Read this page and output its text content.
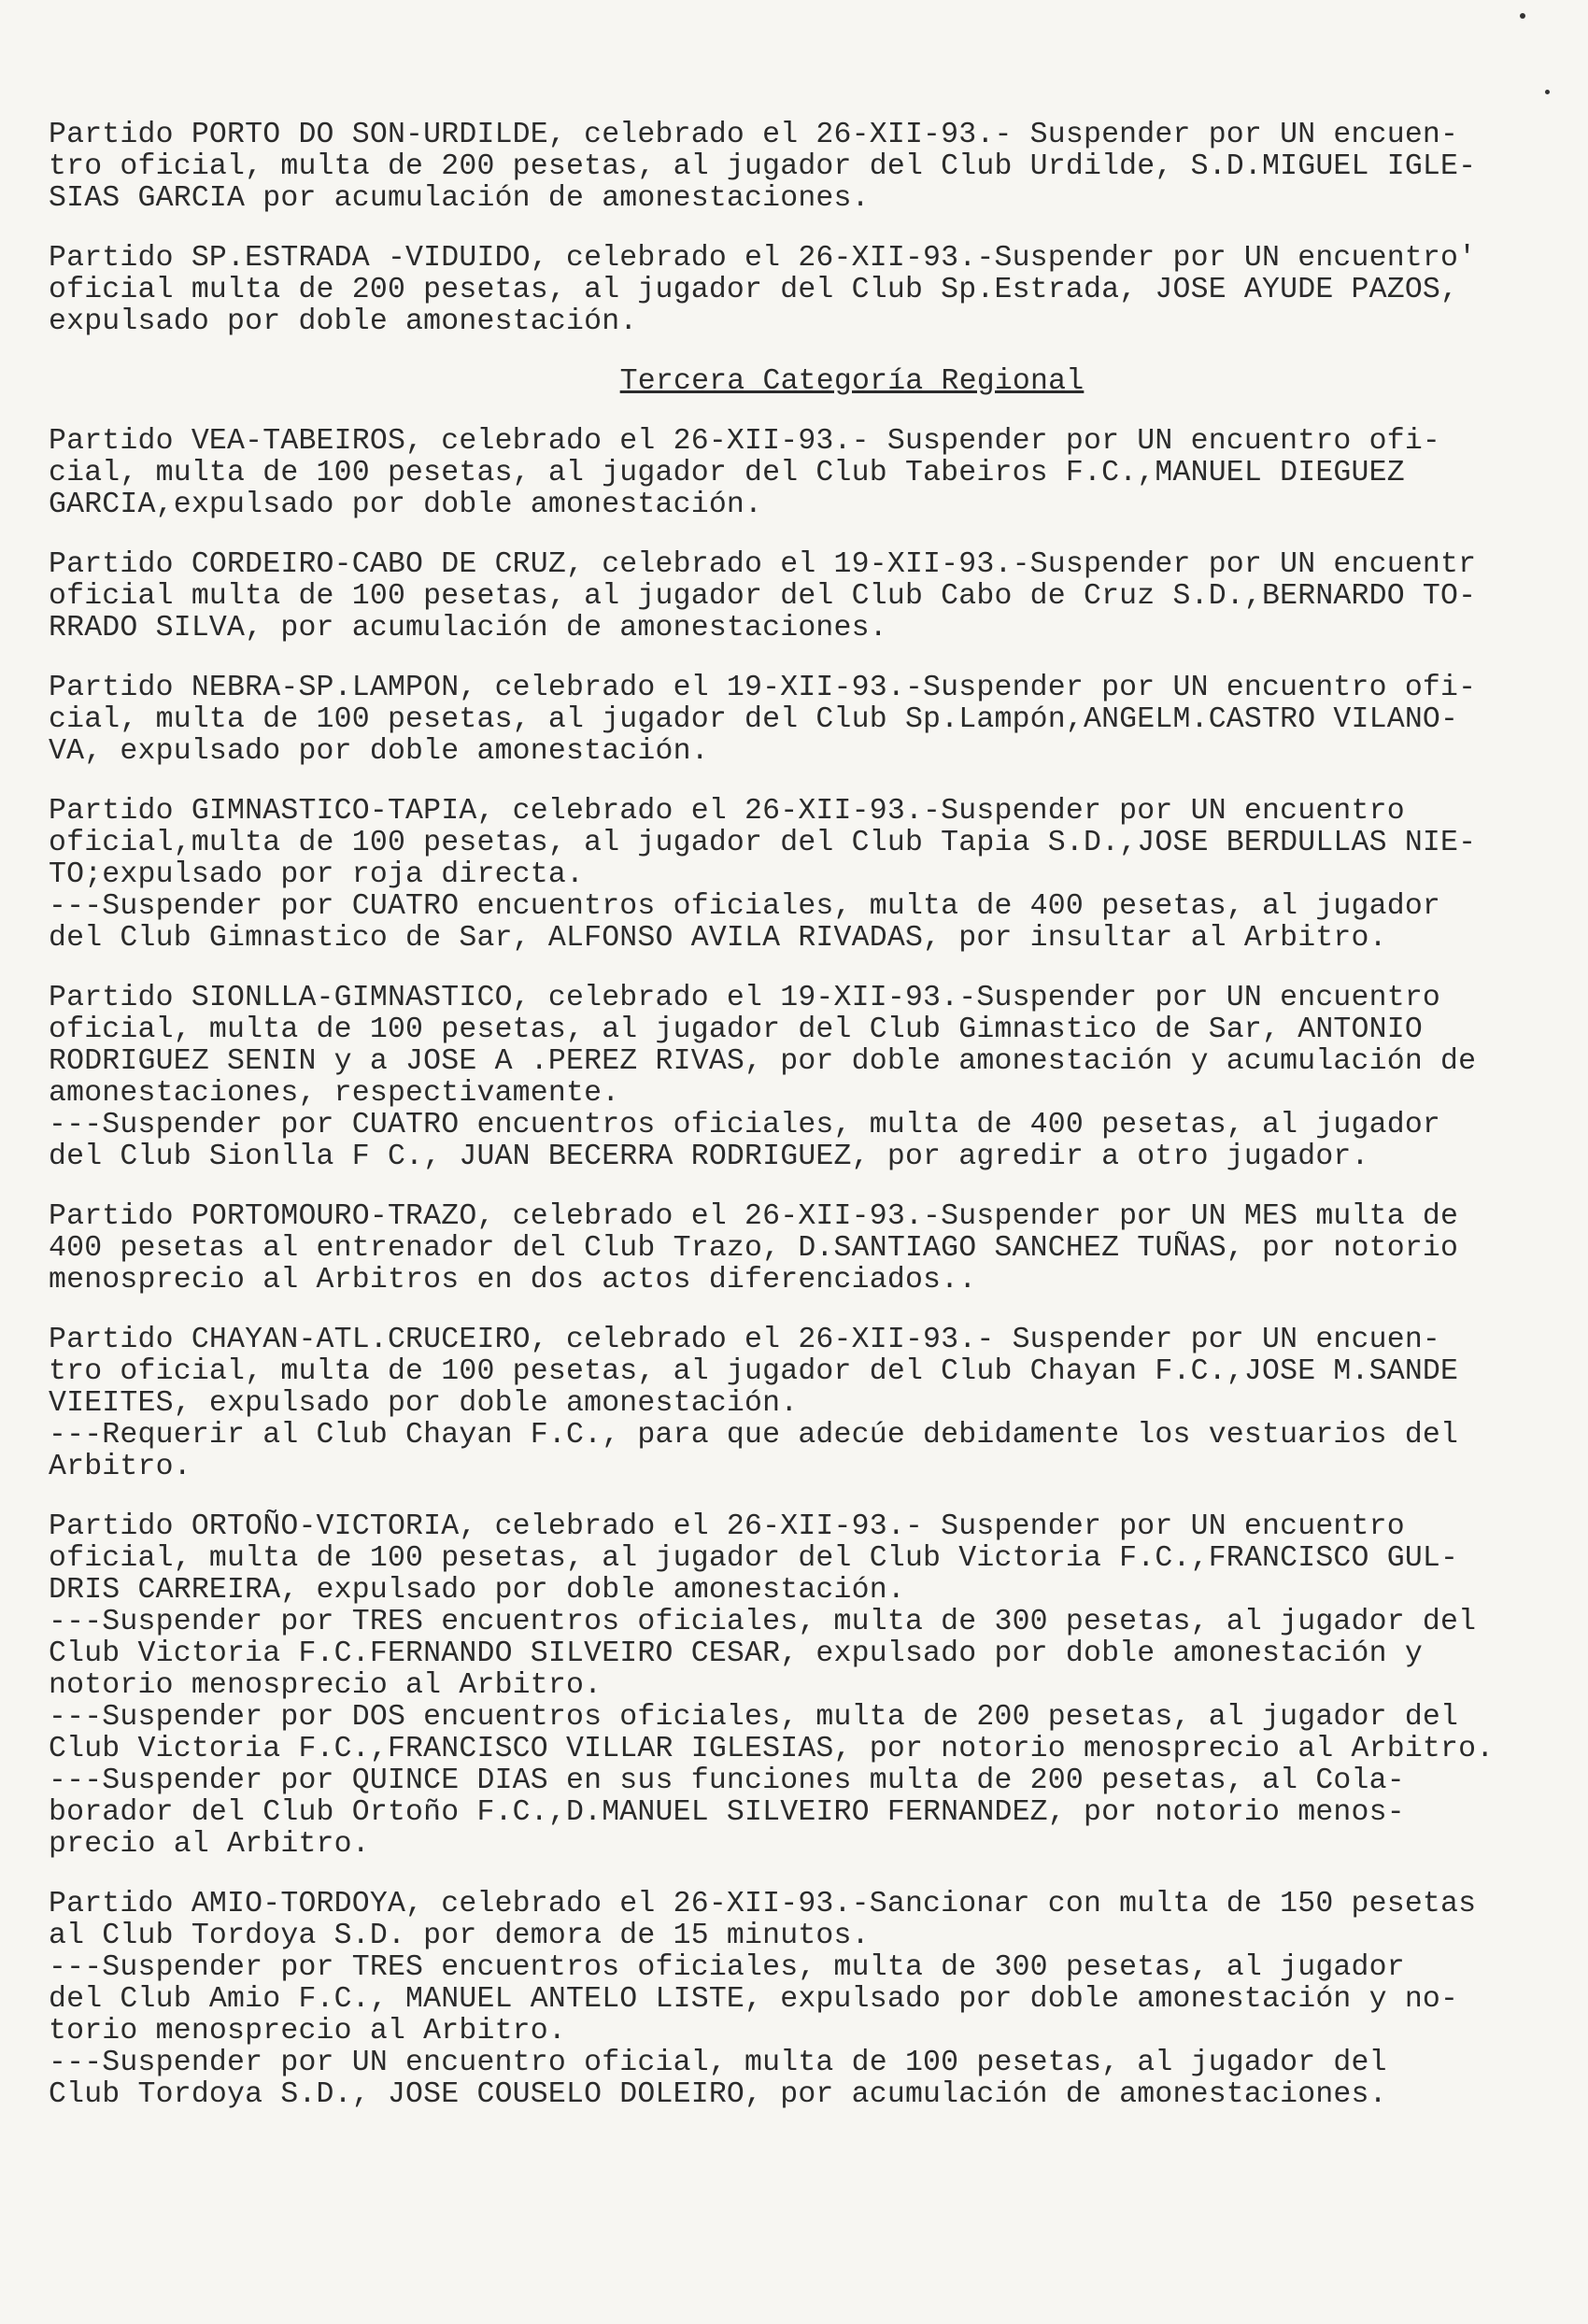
Partido PORTO DO SON-URDILDE, celebrado el 26-XII-93.- Suspender por UN encuen-
tro oficial, multa de 200 pesetas, al jugador del Club Urdilde, S.D.MIGUEL IGLE-
SIAS GARCIA por acumulación de amonestaciones.

Partido SP.ESTRADA -VIDUIDO, celebrado el 26-XII-93.-Suspender por UN encuentro'
oficial multa de 200 pesetas, al jugador del Club Sp.Estrada, JOSE AYUDE PAZOS,
expulsado por doble amonestación.

Tercera Categoría Regional

Partido VEA-TABEIROS, celebrado el 26-XII-93.- Suspender por UN encuentro ofi-
cial, multa de 100 pesetas, al jugador del Club Tabeiros F.C.,MANUEL DIEGUEZ
GARCIA,expulsado por doble amonestación.

Partido CORDEIRO-CABO DE CRUZ, celebrado el 19-XII-93.-Suspender por UN encuentr
oficial multa de 100 pesetas, al jugador del Club Cabo de Cruz S.D.,BERNARDO TO-
RRADO SILVA, por acumulación de amonestaciones.

Partido NEBRA-SP.LAMPON, celebrado el 19-XII-93.-Suspender por UN encuentro ofi-
cial, multa de 100 pesetas, al jugador del Club Sp.Lampón,ANGELM.CASTRO VILANO-
VA, expulsado por doble amonestación.

Partido GIMNASTICO-TAPIA, celebrado el 26-XII-93.-Suspender por UN encuentro
oficial,multa de 100 pesetas, al jugador del Club Tapia S.D.,JOSE BERDULLAS NIE-
TO;expulsado por roja directa.

---Suspender por CUATRO encuentros oficiales, multa de 400 pesetas, al jugador
del Club Gimnastico de Sar, ALFONSO AVILA RIVADAS, por insultar al Arbitro.

Partido SIONLLA-GIMNASTICO, celebrado el 19-XII-93.-Suspender por UN encuentro
oficial, multa de 100 pesetas, al jugador del Club Gimnastico de Sar, ANTONIO
RODRIGUEZ SENIN y a JOSE A .PEREZ RIVAS, por doble amonestación y acumulación de
amonestaciones, respectivamente.

---Suspender por CUATRO encuentros oficiales, multa de 400 pesetas, al jugador
del Club Sionlla F C., JUAN BECERRA RODRIGUEZ, por agredir a otro jugador.

Partido PORTOMOURO-TRAZO, celebrado el 26-XII-93.-Suspender por UN MES multa de
400 pesetas al entrenador del Club Trazo, D.SANTIAGO SANCHEZ TUÑAS, por notorio
menosprecio al Arbitros en dos actos diferenciados..

Partido CHAYAN-ATL.CRUCEIRO, celebrado el 26-XII-93.- Suspender por UN encuen-
tro oficial, multa de 100 pesetas, al jugador del Club Chayan F.C.,JOSE M.SANDE
VIEITES, expulsado por doble amonestación.

---Requerir al Club Chayan F.C., para que adecúe debidamente los vestuarios del
Arbitro.

Partido ORTOÑO-VICTORIA, celebrado el 26-XII-93.- Suspender por UN encuentro
oficial, multa de 100 pesetas, al jugador del Club Victoria F.C.,FRANCISCO GUL-
DRIS CARREIRA, expulsado por doble amonestación.

---Suspender por TRES encuentros oficiales, multa de 300 pesetas, al jugador del
Club Victoria F.C.FERNANDO SILVEIRO CESAR, expulsado por doble amonestación y
notorio menosprecio al Arbitro.

---Suspender por DOS encuentros oficiales, multa de 200 pesetas, al jugador del
Club Victoria F.C.,FRANCISCO VILLAR IGLESIAS, por notorio menosprecio al Arbitro.

---Suspender por QUINCE DIAS en sus funciones multa de 200 pesetas, al Cola-
borador del Club Ortoño F.C.,D.MANUEL SILVEIRO FERNANDEZ, por notorio menos-
precio al Arbitro.

Partido AMIO-TORDOYA, celebrado el 26-XII-93.-Sancionar con multa de 150 pesetas
al Club Tordoya S.D. por demora de 15 minutos.

---Suspender por TRES encuentros oficiales, multa de 300 pesetas, al jugador
del Club Amio F.C., MANUEL ANTELO LISTE, expulsado por doble amonestación y no-
torio menosprecio al Arbitro.

---Suspender por UN encuentro oficial, multa de 100 pesetas, al jugador del
Club Tordoya S.D., JOSE COUSELO DOLEIRO, por acumulación de amonestaciones.
